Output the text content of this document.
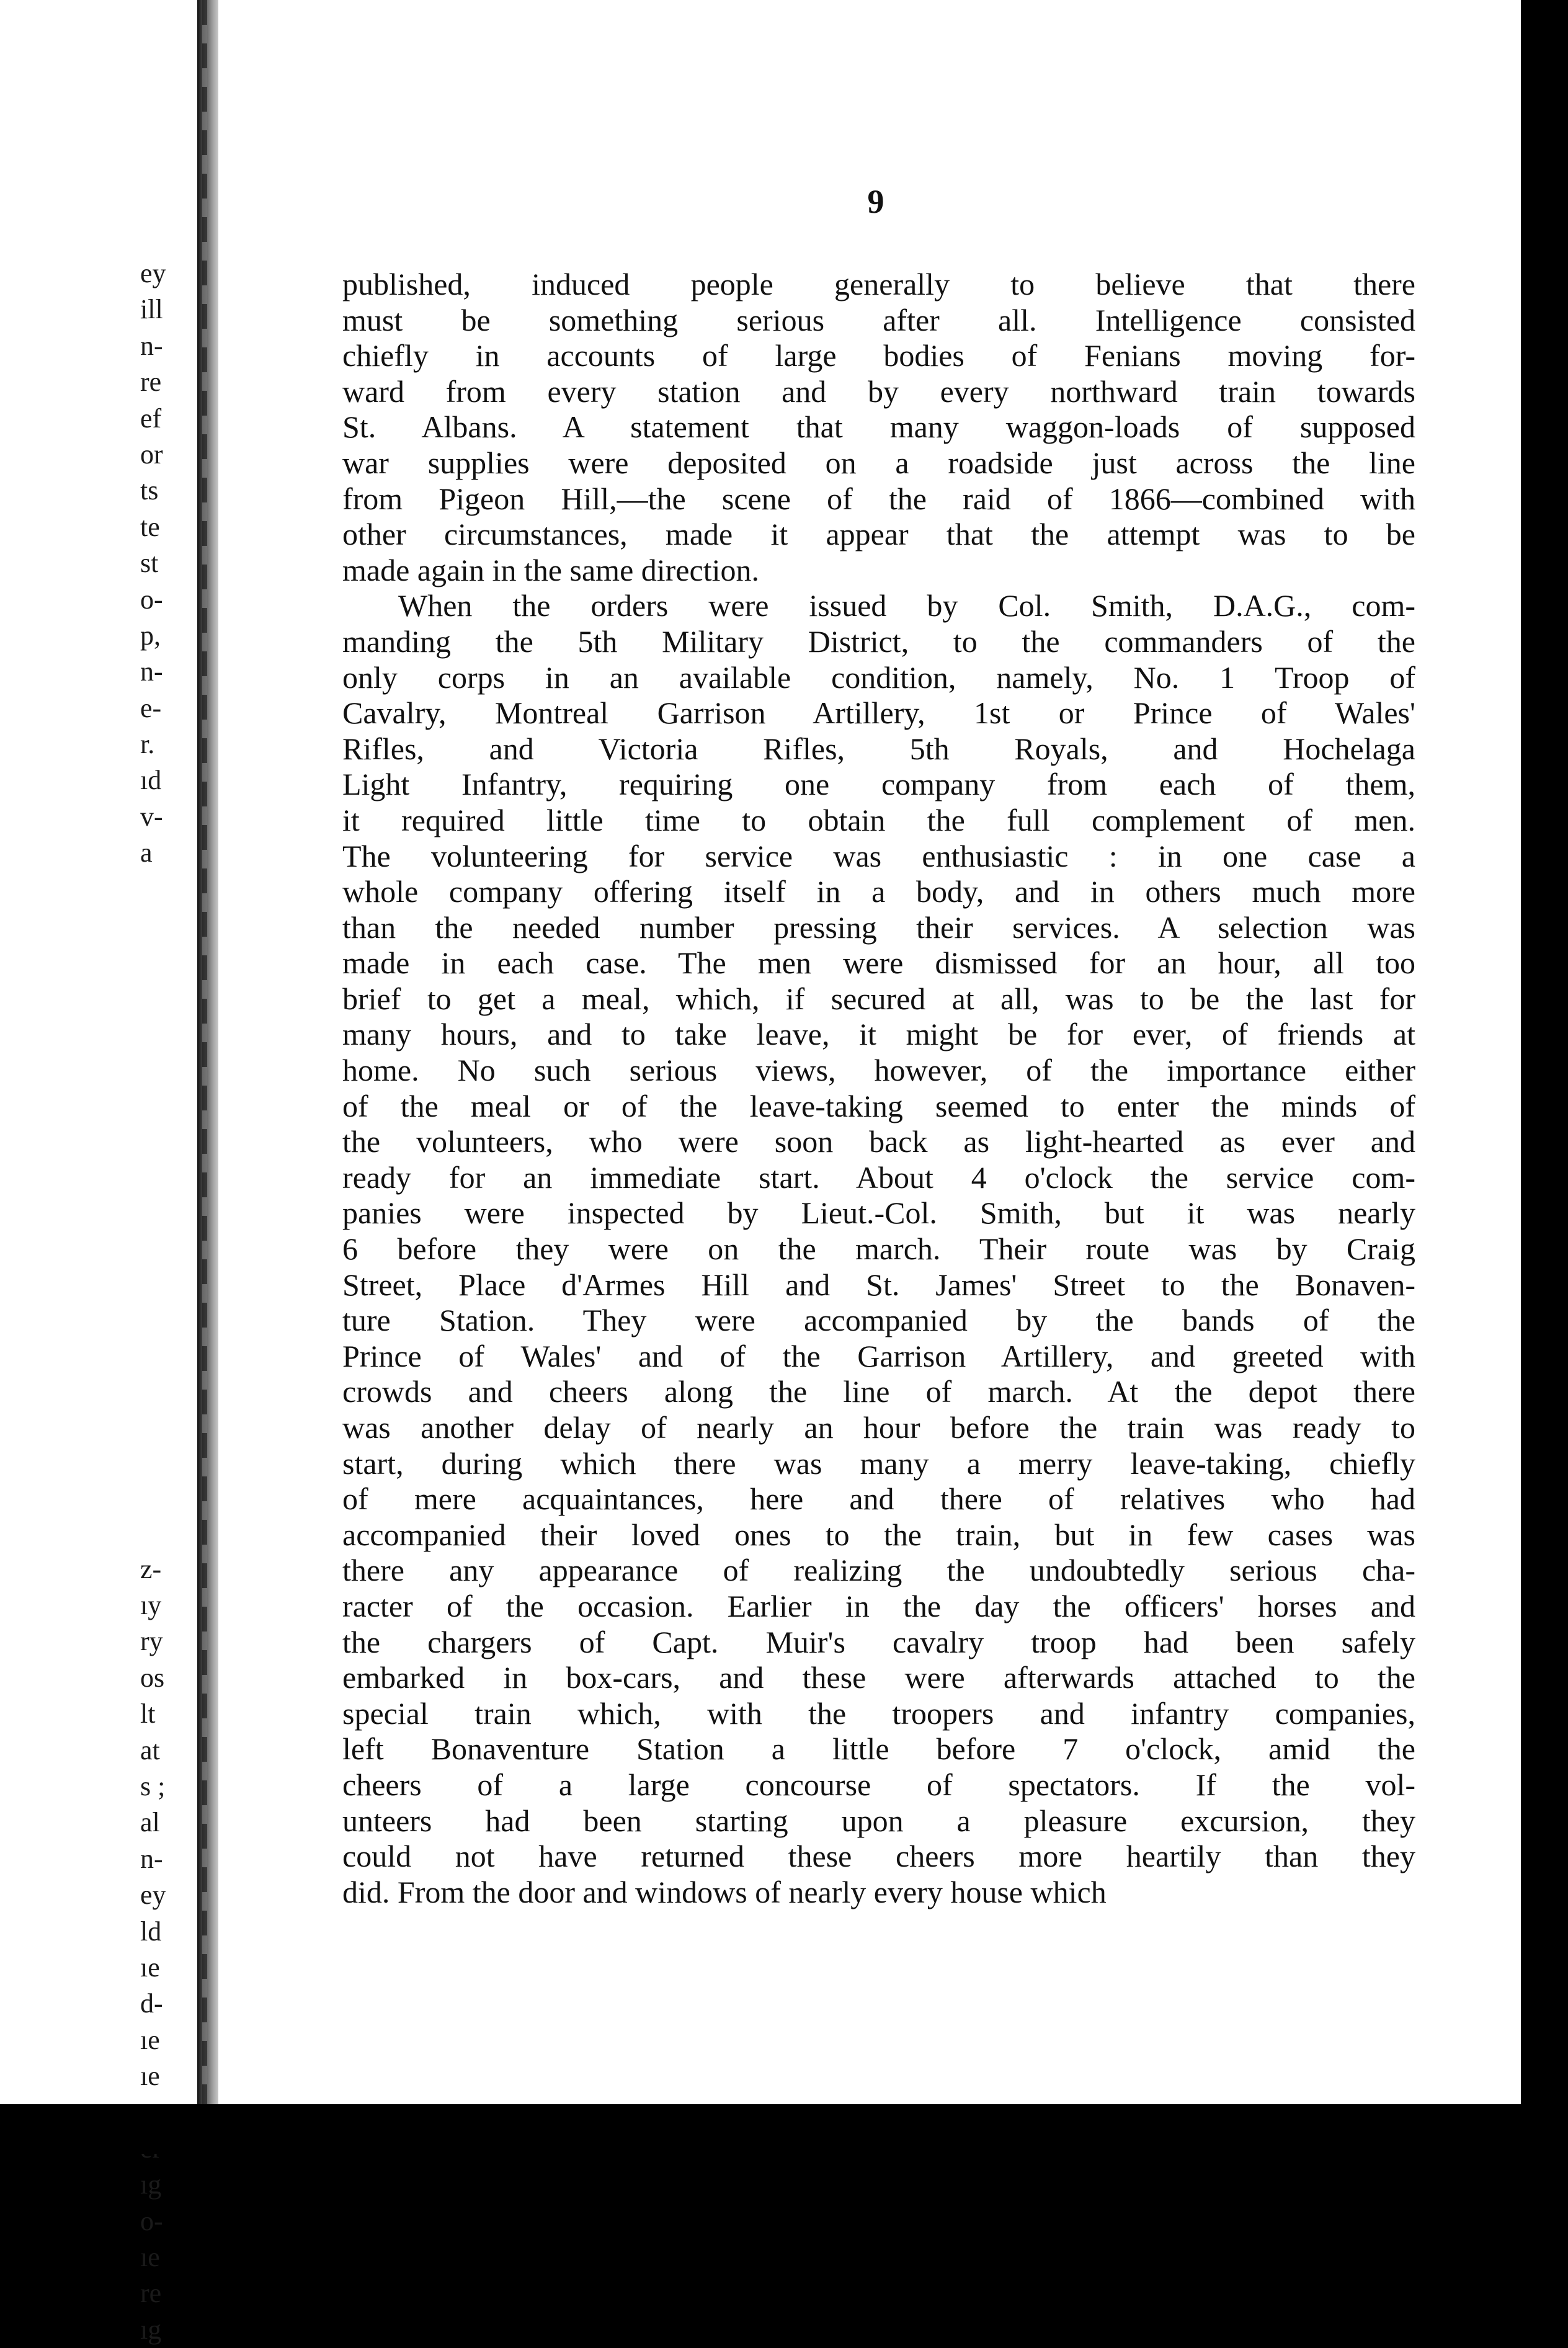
ey
ill
n-
re
ef
or
ts
te
st
o-
p,
n-
e-
r.
ıd
v-
a
z-
ıy
ry
os
lt
at
s ;
al
n-
ey
ld
ıe
d-
ıe
ıe
ıg
o-
ıe
re
ıg
9
published, induced people generally to believe that there
must be something serious after all. Intelligence consisted
chiefly in accounts of large bodies of Fenians moving for-
ward from every station and by every northward train towards
St. Albans. A statement that many waggon-loads of supposed
war supplies were deposited on a roadside just across the line
from Pigeon Hill,—the scene of the raid of 1866—combined with
other circumstances, made it appear that the attempt was to be
made again in the same direction.
When the orders were issued by Col. Smith, D.A.G., com-
manding the 5th Military District, to the commanders of the
only corps in an available condition, namely, No. 1 Troop of
Cavalry, Montreal Garrison Artillery, 1st or Prince of Wales'
Rifles, and Victoria Rifles, 5th Royals, and Hochelaga
Light Infantry, requiring one company from each of them,
it required little time to obtain the full complement of men.
The volunteering for service was enthusiastic : in one case a
whole company offering itself in a body, and in others much more
than the needed number pressing their services. A selection was
made in each case. The men were dismissed for an hour, all too
brief to get a meal, which, if secured at all, was to be the last for
many hours, and to take leave, it might be for ever, of friends at
home. No such serious views, however, of the importance either
of the meal or of the leave-taking seemed to enter the minds of
the volunteers, who were soon back as light-hearted as ever and
ready for an immediate start. About 4 o'clock the service com-
panies were inspected by Lieut.-Col. Smith, but it was nearly
6 before they were on the march. Their route was by Craig
Street, Place d'Armes Hill and St. James' Street to the Bonaven-
ture Station. They were accompanied by the bands of the
Prince of Wales' and of the Garrison Artillery, and greeted with
crowds and cheers along the line of march. At the depot there
was another delay of nearly an hour before the train was ready to
start, during which there was many a merry leave-taking, chiefly
of mere acquaintances, here and there of relatives who had
accompanied their loved ones to the train, but in few cases was
there any appearance of realizing the undoubtedly serious cha-
racter of the occasion. Earlier in the day the officers' horses and
the chargers of Capt. Muir's cavalry troop had been safely
embarked in box-cars, and these were afterwards attached to the
special train which, with the troopers and infantry companies,
left Bonaventure Station a little before 7 o'clock, amid the
cheers of a large concourse of spectators. If the vol-
unteers had been starting upon a pleasure excursion, they
could not have returned these cheers more heartily than they
did. From the door and windows of nearly every house which
